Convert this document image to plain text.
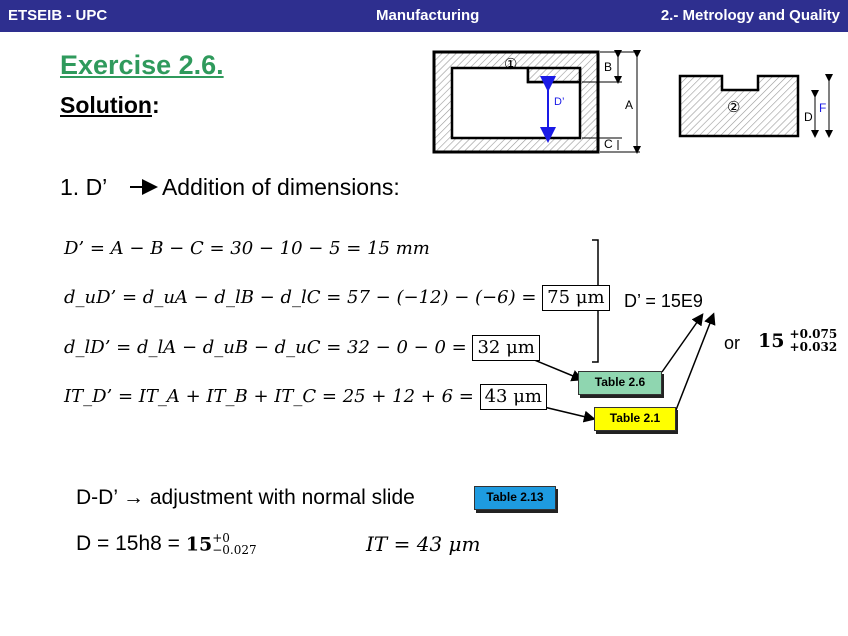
ETSEIB - UPC	Manufacturing	2.- Metrology and Quality
Exercise 2.6.
Solution:
①
②
D’	A
B
C
D
F
1. D’ Addition of dimensions:
D’ = A − B − C = 30 − 10 − 5 = 15 mm
d_uD’ = d_uA − d_lB − d_lC = 57 − (−12) − (−6) = 75 μm
d_lD’ = d_lA − d_uB − d_uC = 32 − 0 − 0 = 32 μm
IT_D’ = IT_A + IT_B + IT_C = 25 + 12 + 6 = 43 μm
Table 2.6
Table 2.1
Table 2.13
D’ = 15E9
or 15 +0.075
+0.032
D-D’ → adjustment with normal slide
D = 15h8 = 15 +0
−0.027	IT = 43 μm
